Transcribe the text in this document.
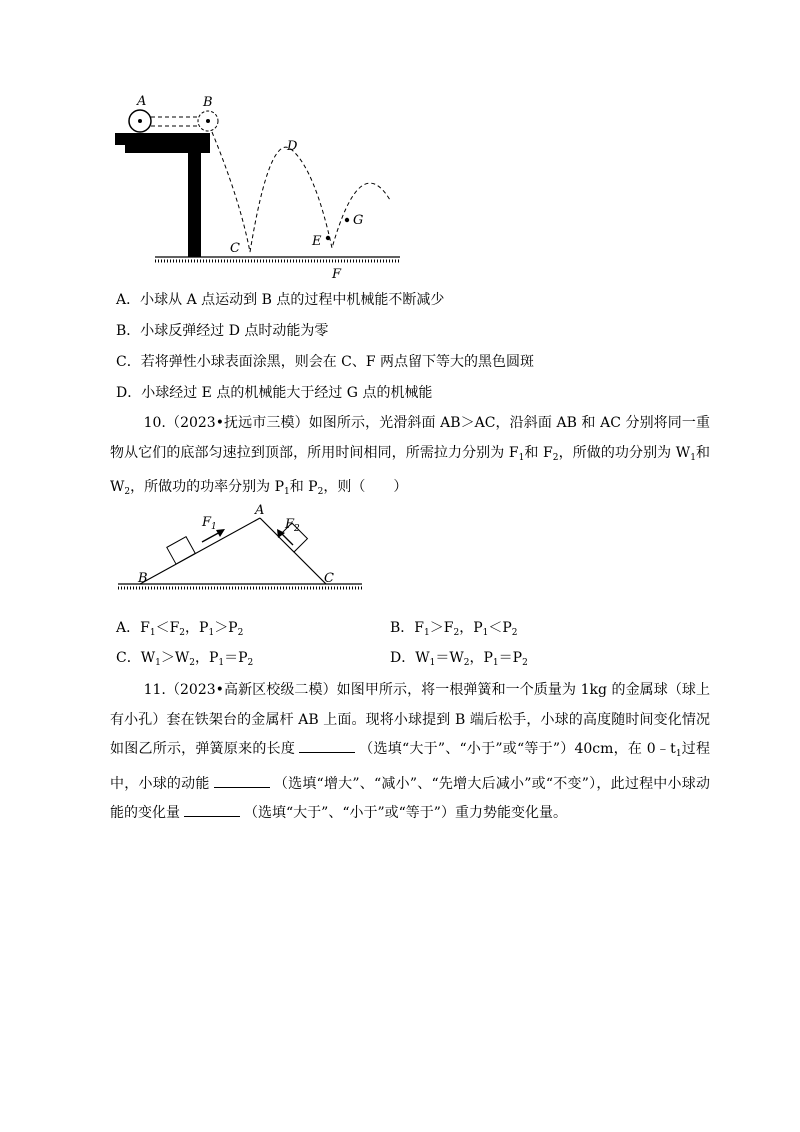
A	B
C
D
E
F
G
A．小球从 A 点运动到 B 点的过程中机械能不断减少
B．小球反弹经过 D 点时动能为零
C．若将弹性小球表面涂黑，则会在 C、F 两点留下等大的黑色圆斑
D．小球经过 E 点的机械能大于经过 G 点的机械能
10.（2023•抚远市三模）如图所示，光滑斜面 AB＞AC，沿斜面 AB 和 AC 分别将同一重物从它们的底部匀速拉到顶部，所用时间相同，所需拉力分别为 $F_1$和 $F_2$，所做的功分别为 $W_1$和 $W_2$，所做功的功率分别为 $P_1$和 $P_2$，则（　　）
A
B	C
$F_1$	$F_2$
A．$F_1<F_2$，$P_1>P_2$	B．$F_1>F_2$，$P_1<P_2$
C．$W_1>W_2$，$P_1=P_2$	D．$W_1=W_2$，$P_1=P_2$
11.（2023•高新区校级二模）如图甲所示，将一根弹簧和一个质量为 1kg 的金属球（球上有小孔）套在铁架台的金属杆 AB 上面。现将小球提到 B 端后松手，小球的高度随时间变化情况如图乙所示，弹簧原来的长度	（选填“大于”、“小于”或“等于”）40cm，在 $0﹣t_1$过程中，小球的动能	（选填“增大”、“减小”、“先增大后减小”或“不变”），此过程中小球动能的变化量	（选填“大于”、“小于”或“等于”）重力势能变化量。
